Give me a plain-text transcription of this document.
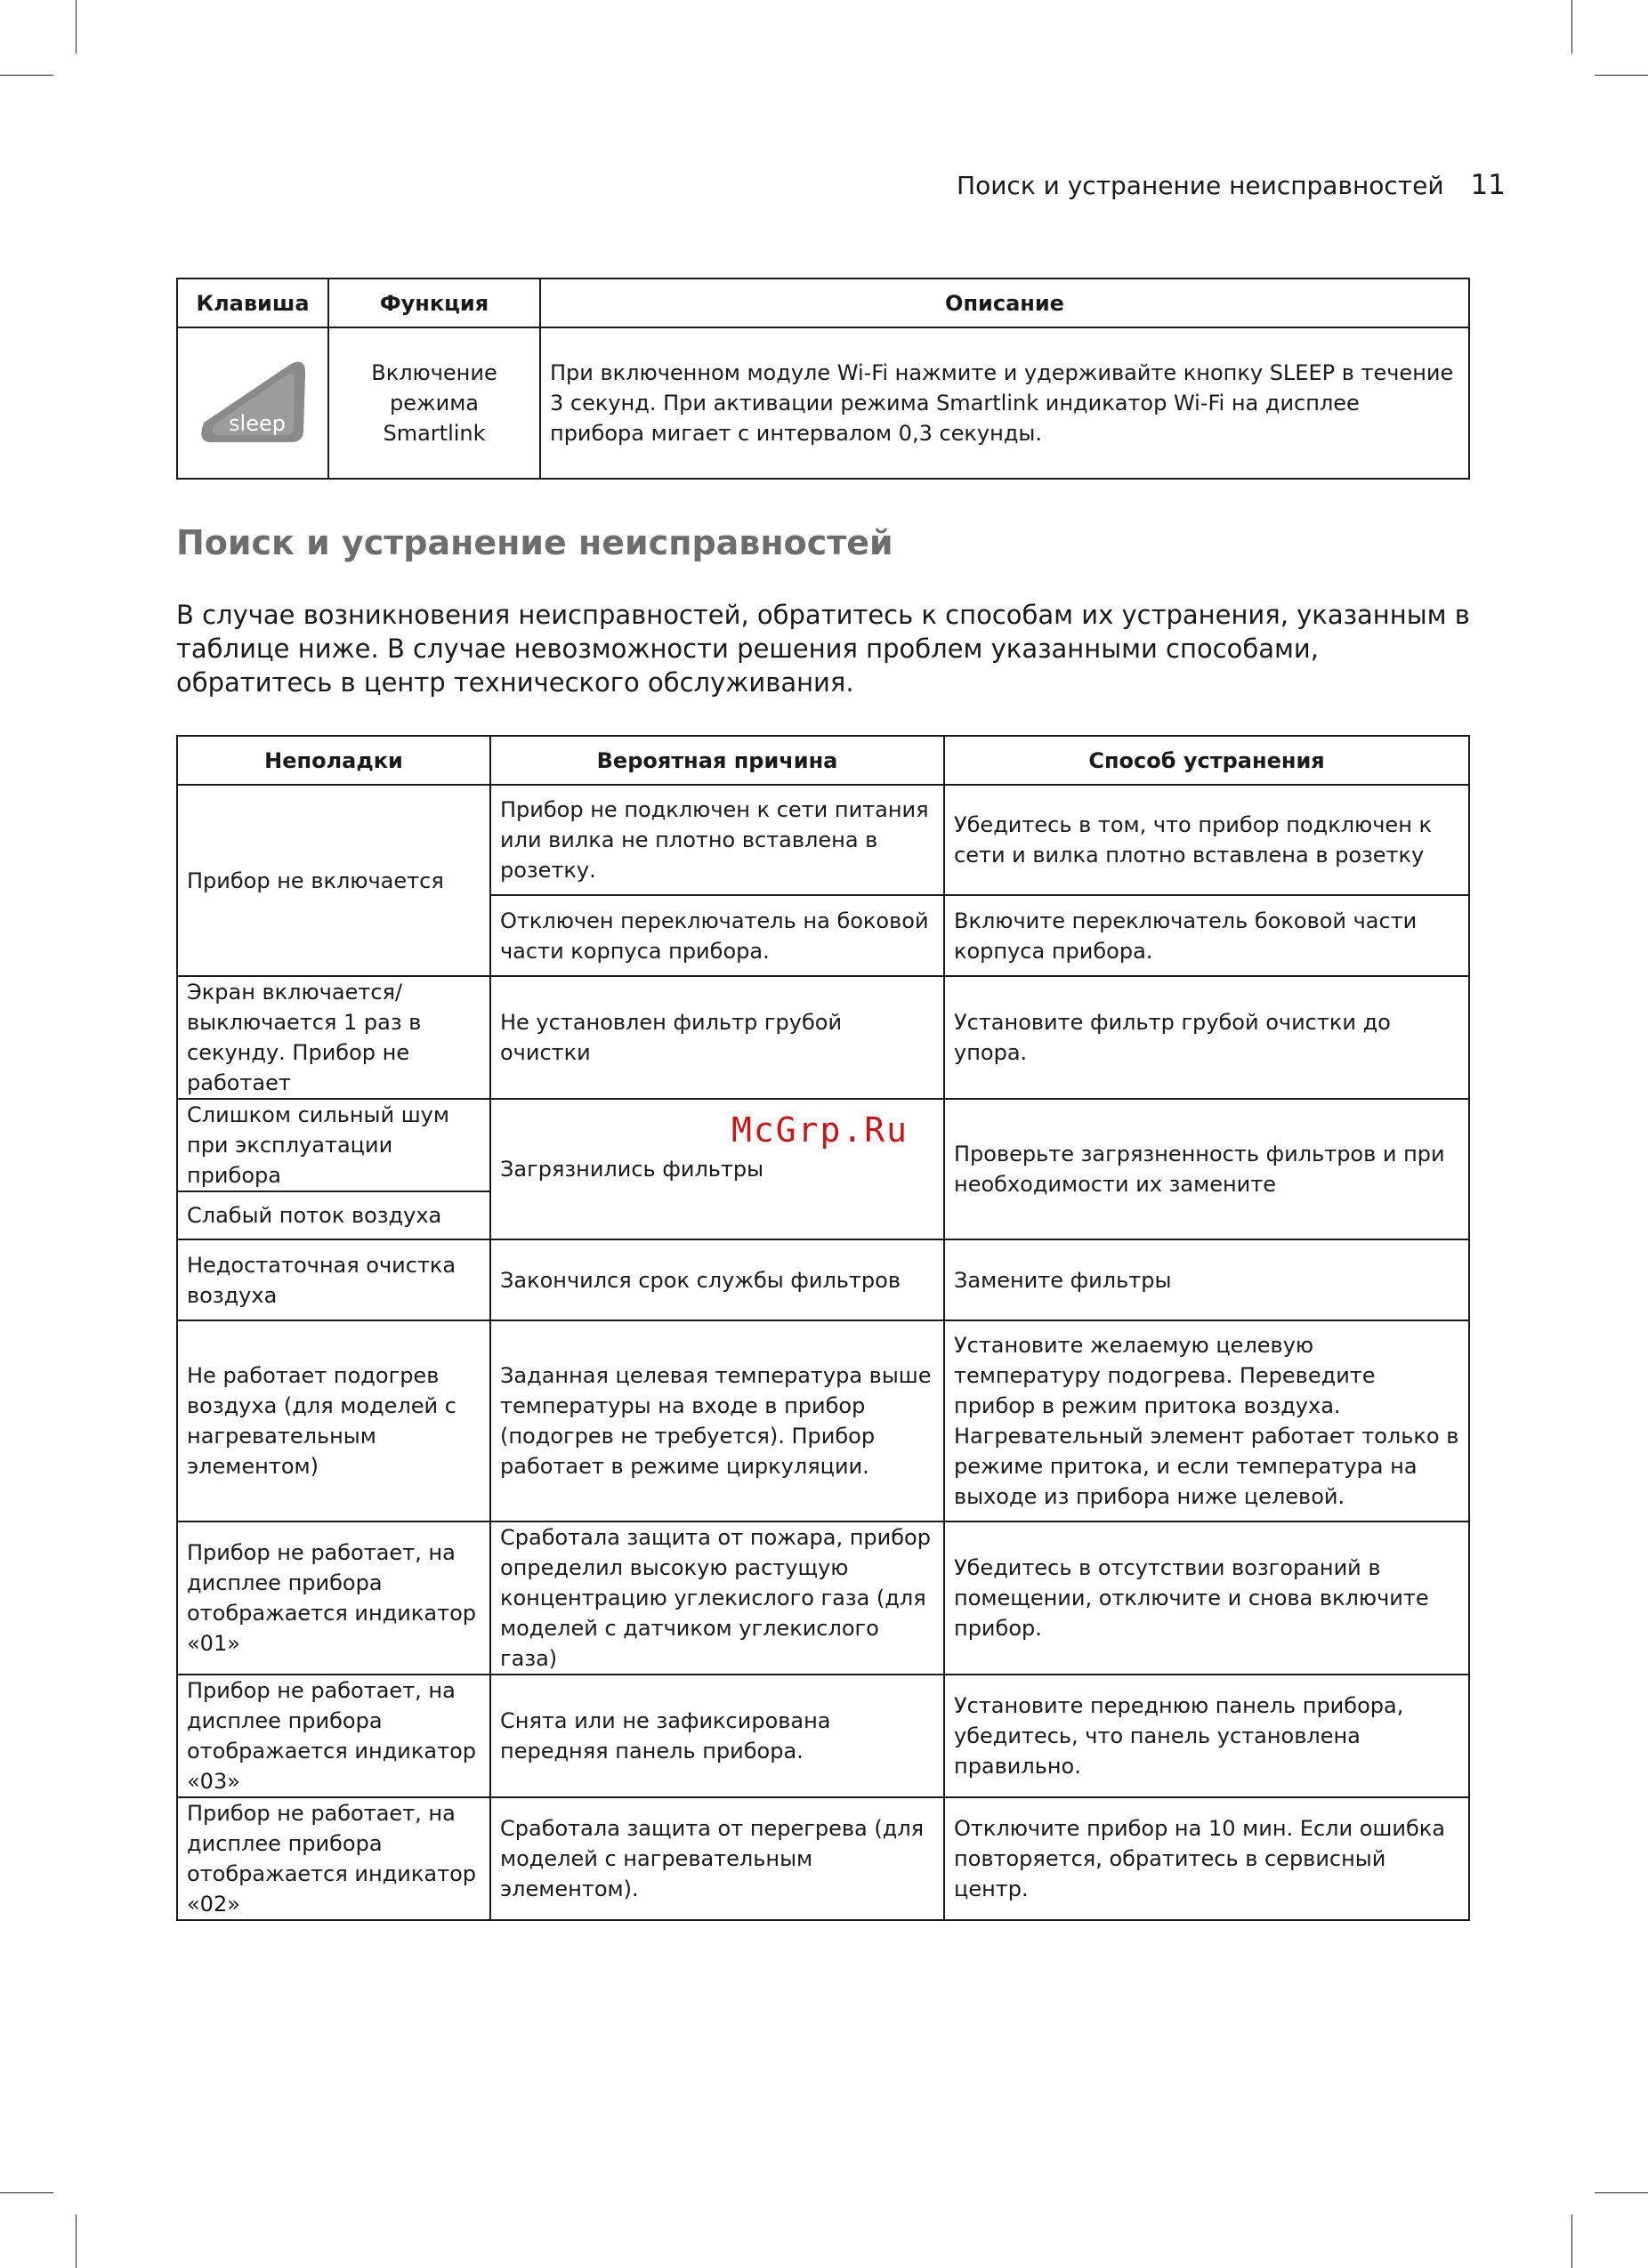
Поиск и устранение неисправностей 11
Клавиша	Функция	Описание

sleep	Включение режима Smartlink	При включенном модуле Wi-Fi нажмите и удерживайте кнопку SLEEP в течение 3 секунд. При активации режима Smartlink индикатор Wi-Fi на дисплее прибора мигает с интервалом 0,3 секунды.
Поиск и устранение неисправностей

В случае возникновения неисправностей, обратитесь к способам их устранения, указанным в таблице ниже. В случае невозможности решения проблем указанными способами, обратитесь в центр технического обслуживания.

Неполадки	Вероятная причина	Способ устранения
Прибор не включается	Прибор не подключен к сети питания или вилка не плотно вставлена в розетку.	Убедитесь в том, что прибор подключен к сети и вилка плотно вставлена в розетку
	Отключен переключатель на боковой части корпуса прибора.	Включите переключатель боковой части корпуса прибора.
Экран включается/выключается 1 раз в секунду. Прибор не работает	Не установлен фильтр грубой очистки	Установите фильтр грубой очистки до упора.
Слишком сильный шум при эксплуатации прибора	Загрязнились фильтры	Проверьте загрязненность фильтров и при необходимости их замените
Слабый поток воздуха		
Недостаточная очистка воздуха	Закончился срок службы фильтров	Замените фильтры
Не работает подогрев воздуха (для моделей с нагревательным элементом)	Заданная целевая температура выше температуры на входе в прибор (подогрев не требуется). Прибор работает в режиме циркуляции.	Установите желаемую целевую температуру подогрева. Переведите прибор в режим притока воздуха. Нагревательный элемент работает только в режиме притока, и если температура на выходе из прибора ниже целевой.
Прибор не работает, на дисплее прибора отображается индикатор «01»	Сработала защита от пожара, прибор определил высокую растущую концентрацию углекислого газа (для моделей с датчиком углекислого газа)	Убедитесь в отсутствии возгораний в помещении, отключите и снова включите прибор.
Прибор не работает, на дисплее прибора отображается индикатор «03»	Снята или не зафиксирована передняя панель прибора.	Установите переднюю панель прибора, убедитесь, что панель установлена правильно.
Прибор не работает, на дисплее прибора отображается индикатор «02»	Сработала защита от перегрева (для моделей с нагревательным элементом).	Отключите прибор на 10 мин. Если ошибка повторяется, обратитесь в сервисный центр.
McGrp.Ru
